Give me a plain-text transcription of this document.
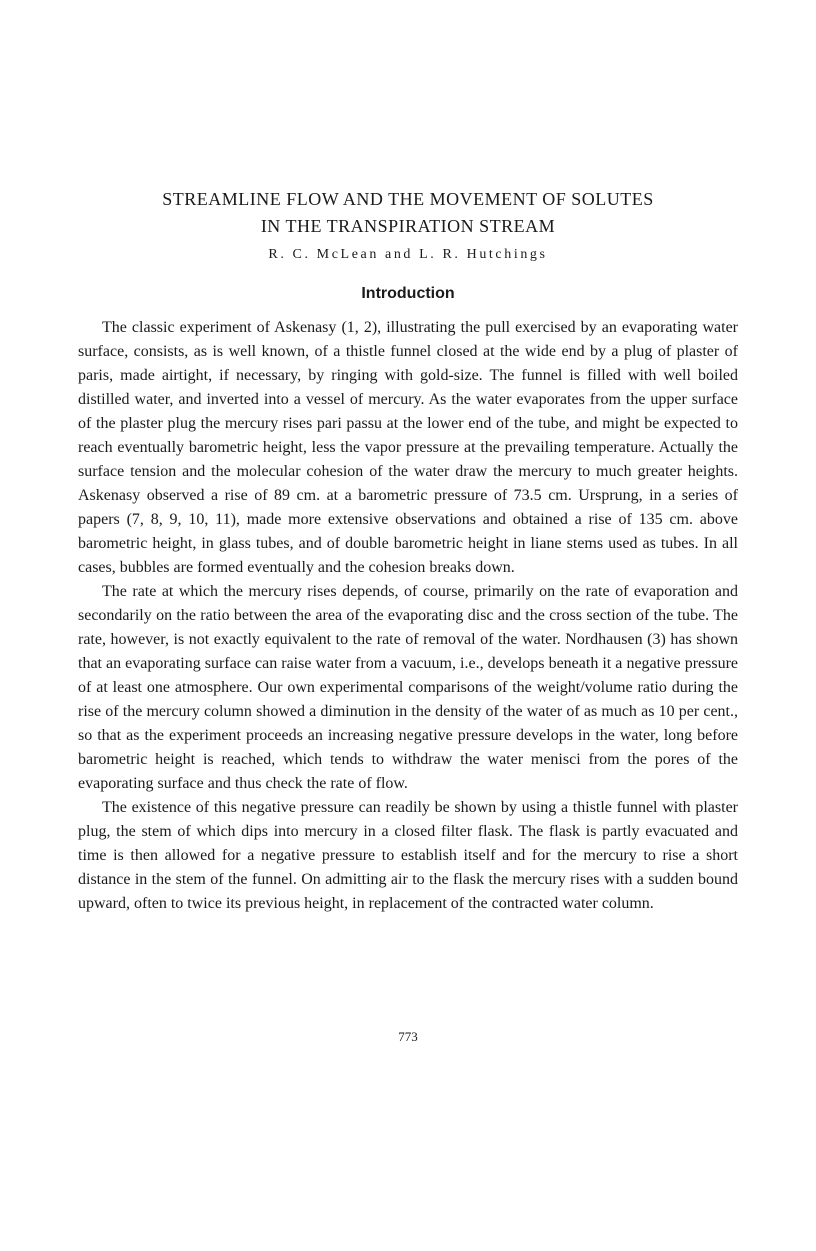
STREAMLINE FLOW AND THE MOVEMENT OF SOLUTES
IN THE TRANSPIRATION STREAM

R. C. McLean and L. R. Hutchings

Introduction

The classic experiment of Askenasy (1, 2), illustrating the pull exercised by an evaporating water surface, consists, as is well known, of a thistle funnel closed at the wide end by a plug of plaster of paris, made airtight, if necessary, by ringing with gold-size. The funnel is filled with well boiled distilled water, and inverted into a vessel of mercury. As the water evaporates from the upper surface of the plaster plug the mercury rises pari passu at the lower end of the tube, and might be expected to reach eventually barometric height, less the vapor pressure at the prevailing temperature. Actually the surface tension and the molecular cohesion of the water draw the mercury to much greater heights. Askenasy observed a rise of 89 cm. at a barometric pressure of 73.5 cm. Ursprung, in a series of papers (7, 8, 9, 10, 11), made more extensive observations and obtained a rise of 135 cm. above barometric height, in glass tubes, and of double barometric height in liane stems used as tubes. In all cases, bubbles are formed eventually and the cohesion breaks down.

The rate at which the mercury rises depends, of course, primarily on the rate of evaporation and secondarily on the ratio between the area of the evaporating disc and the cross section of the tube. The rate, however, is not exactly equivalent to the rate of removal of the water. Nordhausen (3) has shown that an evaporating surface can raise water from a vacuum, i.e., develops beneath it a negative pressure of at least one atmosphere. Our own experimental comparisons of the weight/volume ratio during the rise of the mercury column showed a diminution in the density of the water of as much as 10 per cent., so that as the experiment proceeds an increasing negative pressure develops in the water, long before barometric height is reached, which tends to withdraw the water menisci from the pores of the evaporating surface and thus check the rate of flow.

The existence of this negative pressure can readily be shown by using a thistle funnel with plaster plug, the stem of which dips into mercury in a closed filter flask. The flask is partly evacuated and time is then allowed for a negative pressure to establish itself and for the mercury to rise a short distance in the stem of the funnel. On admitting air to the flask the mercury rises with a sudden bound upward, often to twice its previous height, in replacement of the contracted water column.

773
